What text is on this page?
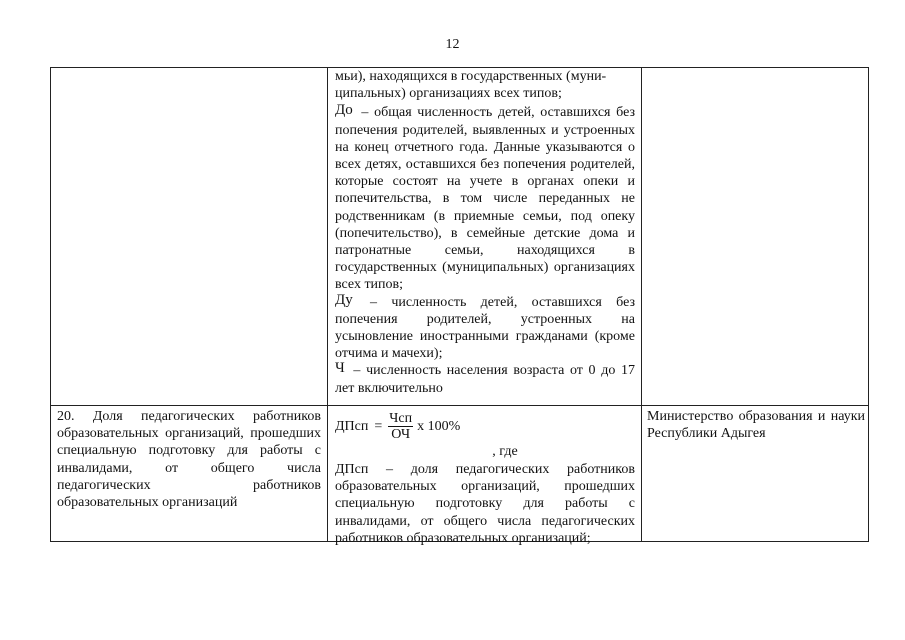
12

мьи), находящихся в государственных (муни-

ципальных) организациях всех типов;

До – общая численность детей, оставшихся без попечения родителей, выявленных и устроенных на конец отчетного года. Данные указываются о всех детях, оставшихся без попечения родителей, которые состоят на учете в органах опеки и попечительства, в том числе переданных не родственникам (в приемные семьи, под опеку (попечительство), в семейные детские дома и патронатные семьи, находящихся в государственных (муниципальных) организациях всех типов;

Ду – численность детей, оставшихся без попечения родителей, устроенных на усыновление иностранными гражданами (кроме отчима и мачехи);

Ч – численность населения возраста от 0 до 17 лет включительно

20. Доля педагогических работников образовательных организаций, прошедших специальную подготовку для работы с инвалидами, от общего числа педагогических работников образовательных организаций

ДПсп = $\frac{\text{Чсп}}{ОЧ}$ х 100%
, где

ДПсп – доля педагогических работников образовательных организаций, прошедших специальную подготовку для работы с инвалидами, от общего числа педагогических работников образовательных организаций;

Министерство образования и науки Республики Адыгея
